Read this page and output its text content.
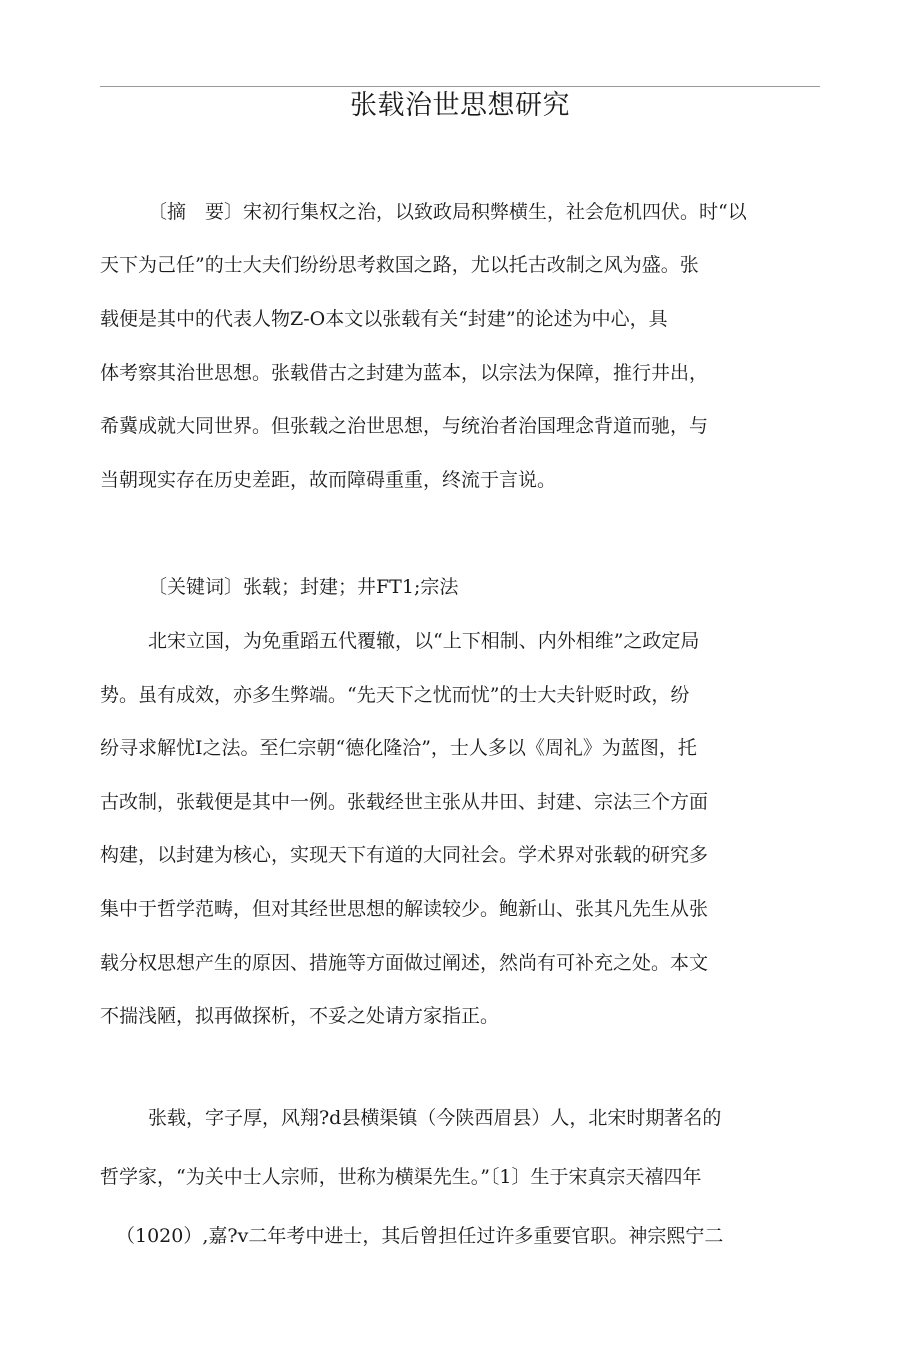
张载治世思想研究
〔摘　要〕宋初行集权之治，以致政局积弊横生，社会危机四伏。时“以
天下为己任”的士大夫们纷纷思考救国之路，尤以托古改制之风为盛。张
载便是其中的代表人物Z-O本文以张载有关“封建”的论述为中心，具
体考察其治世思想。张载借古之封建为蓝本，以宗法为保障，推行井出，
希冀成就大同世界。但张载之治世思想，与统治者治国理念背道而驰，与
当朝现实存在历史差距，故而障碍重重，终流于言说。
〔关键词〕张载；封建；井FT1;宗法
北宋立国，为免重蹈五代覆辙，以“上下相制、内外相维”之政定局
势。虽有成效，亦多生弊端。“先天下之忧而忧”的士大夫针贬时政，纷
纷寻求解忧I之法。至仁宗朝“德化隆洽”，士人多以《周礼》为蓝图，托
古改制，张载便是其中一例。张载经世主张从井田、封建、宗法三个方面
构建，以封建为核心，实现天下有道的大同社会。学术界对张载的研究多
集中于哲学范畴，但对其经世思想的解读较少。鲍新山、张其凡先生从张
载分权思想产生的原因、措施等方面做过阐述，然尚有可补充之处。本文
不揣浅陋，拟再做探析，不妥之处请方家指正。
张载，字子厚，风翔?d县横渠镇（今陕西眉县）人，北宋时期著名的
哲学家，“为关中士人宗师，世称为横渠先生。”〔1〕生于宋真宗天禧四年
（1020）,嘉?v二年考中进士，其后曾担任过许多重要官职。神宗熙宁二
